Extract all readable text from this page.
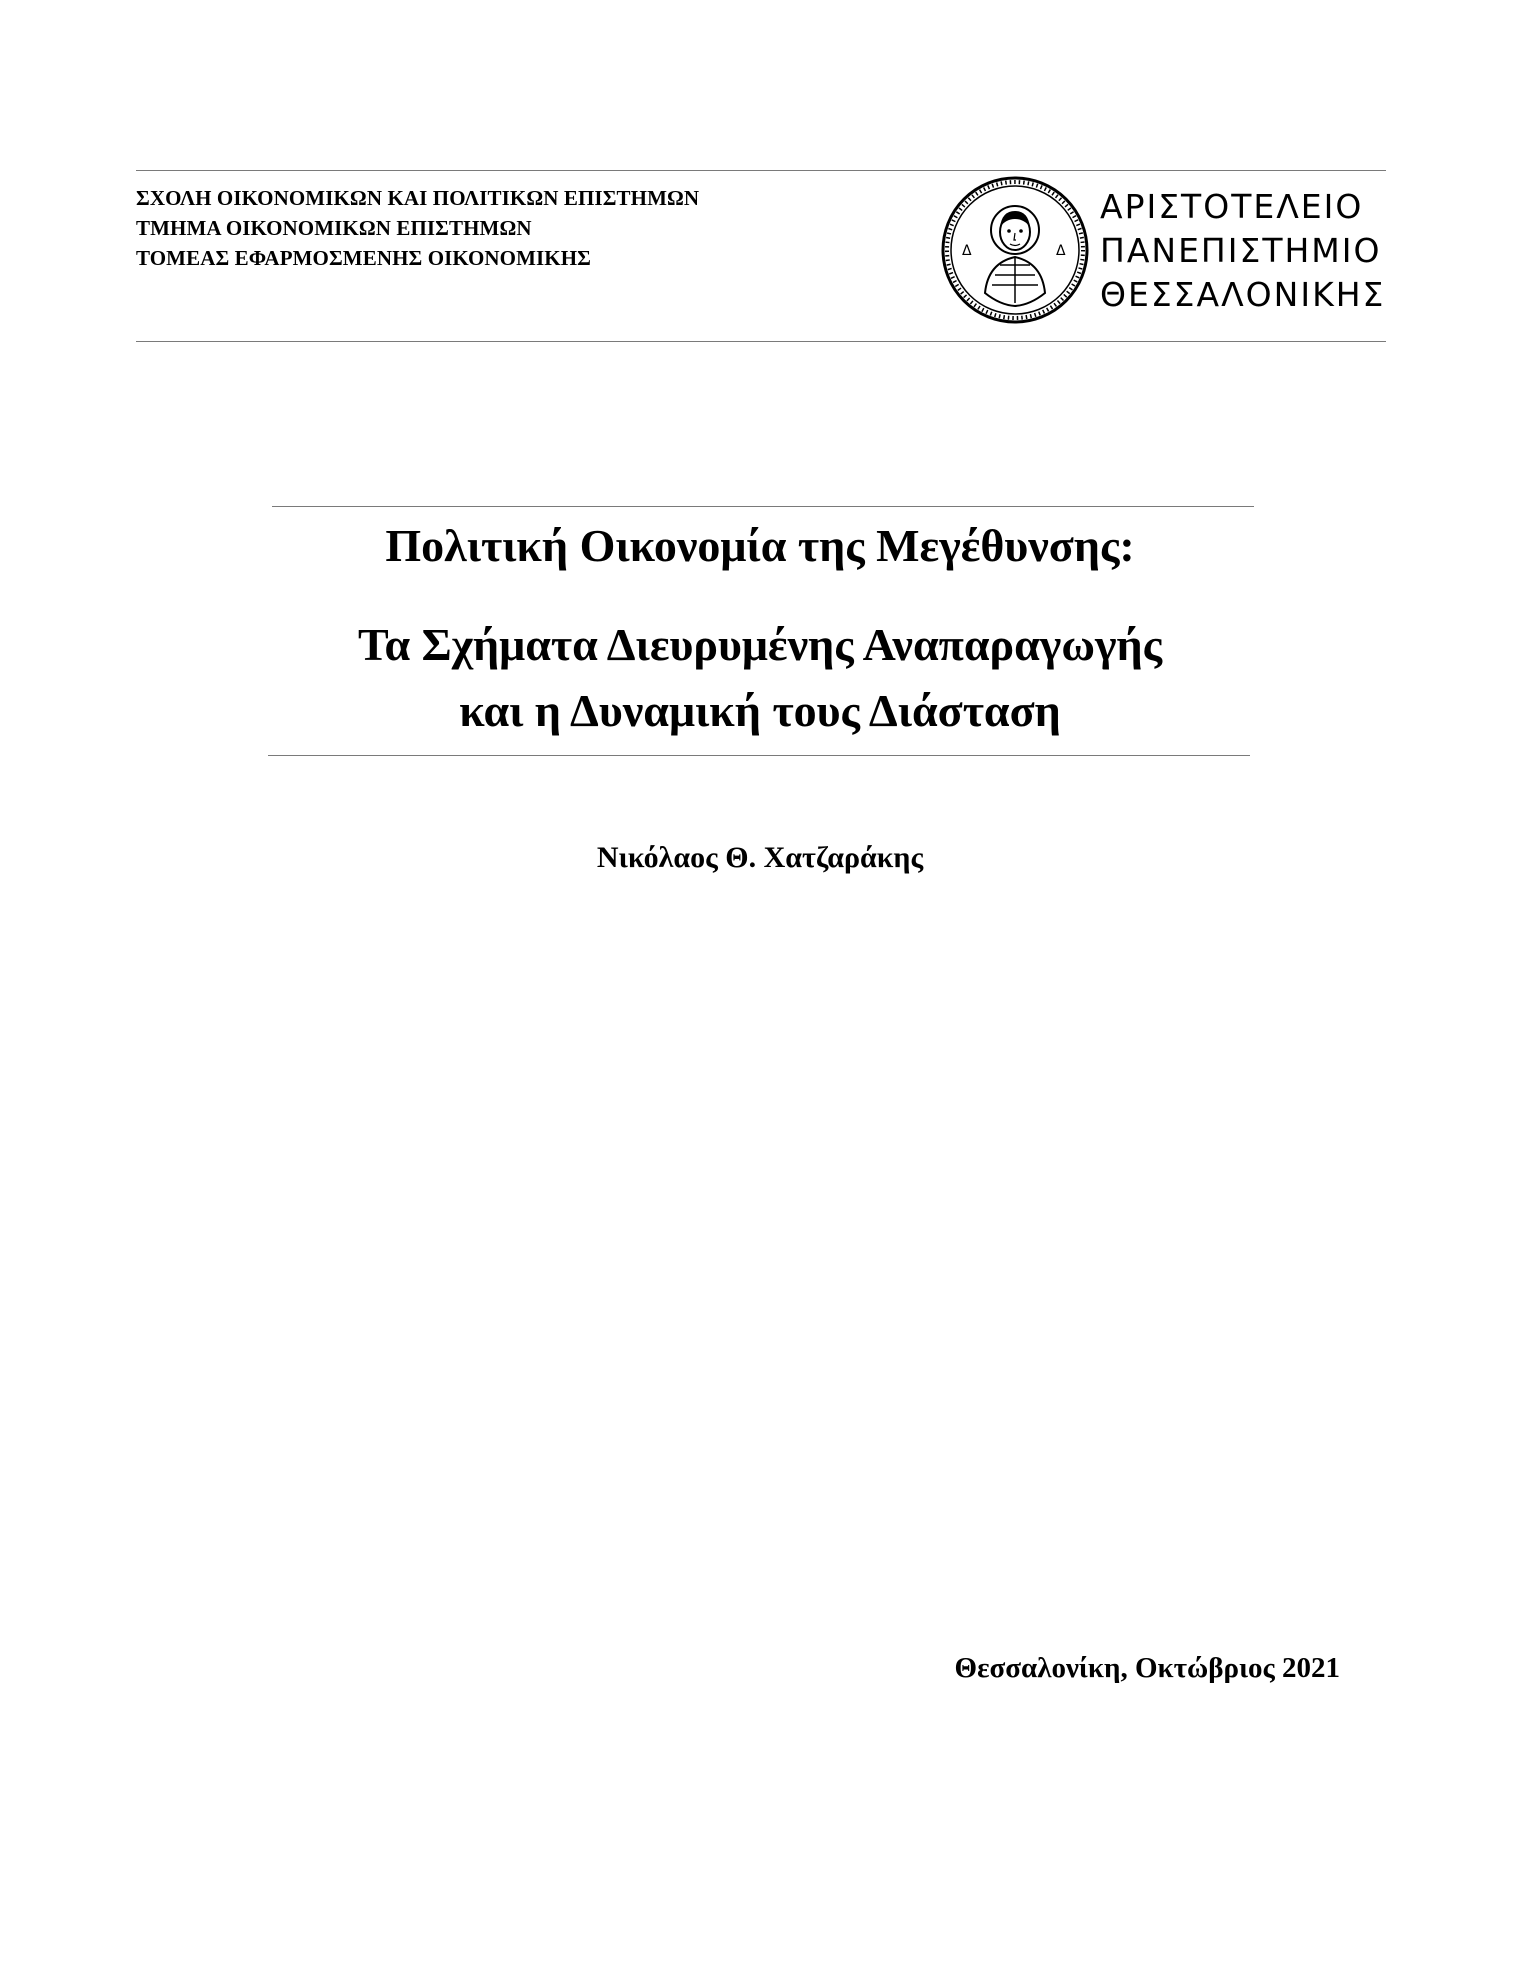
ΣΧΟΛΗ ΟΙΚΟΝΟΜΙΚΩΝ ΚΑΙ ΠΟΛΙΤΙΚΩΝ ΕΠΙΣΤΗΜΩΝ
ΤΜΗΜΑ ΟΙΚΟΝΟΜΙΚΩΝ ΕΠΙΣΤΗΜΩΝ
ΤΟΜΕΑΣ ΕΦΑΡΜΟΣΜΕΝΗΣ ΟΙΚΟΝΟΜΙΚΗΣ	Δ	Δ
ΑΡΙΣΤΟΤΕΛΕΙΟ
ΠΑΝΕΠΙΣΤΗΜΙΟ
ΘΕΣΣΑΛΟΝΙΚΗΣ
Πολιτική Οικονομία της Μεγέθυνσης:
Τα Σχήματα Διευρυμένης Αναπαραγωγής
και η Δυναμική τους Διάσταση
Νικόλαος Θ. Χατζαράκης
Θεσσαλονίκη, Οκτώβριος 2021
